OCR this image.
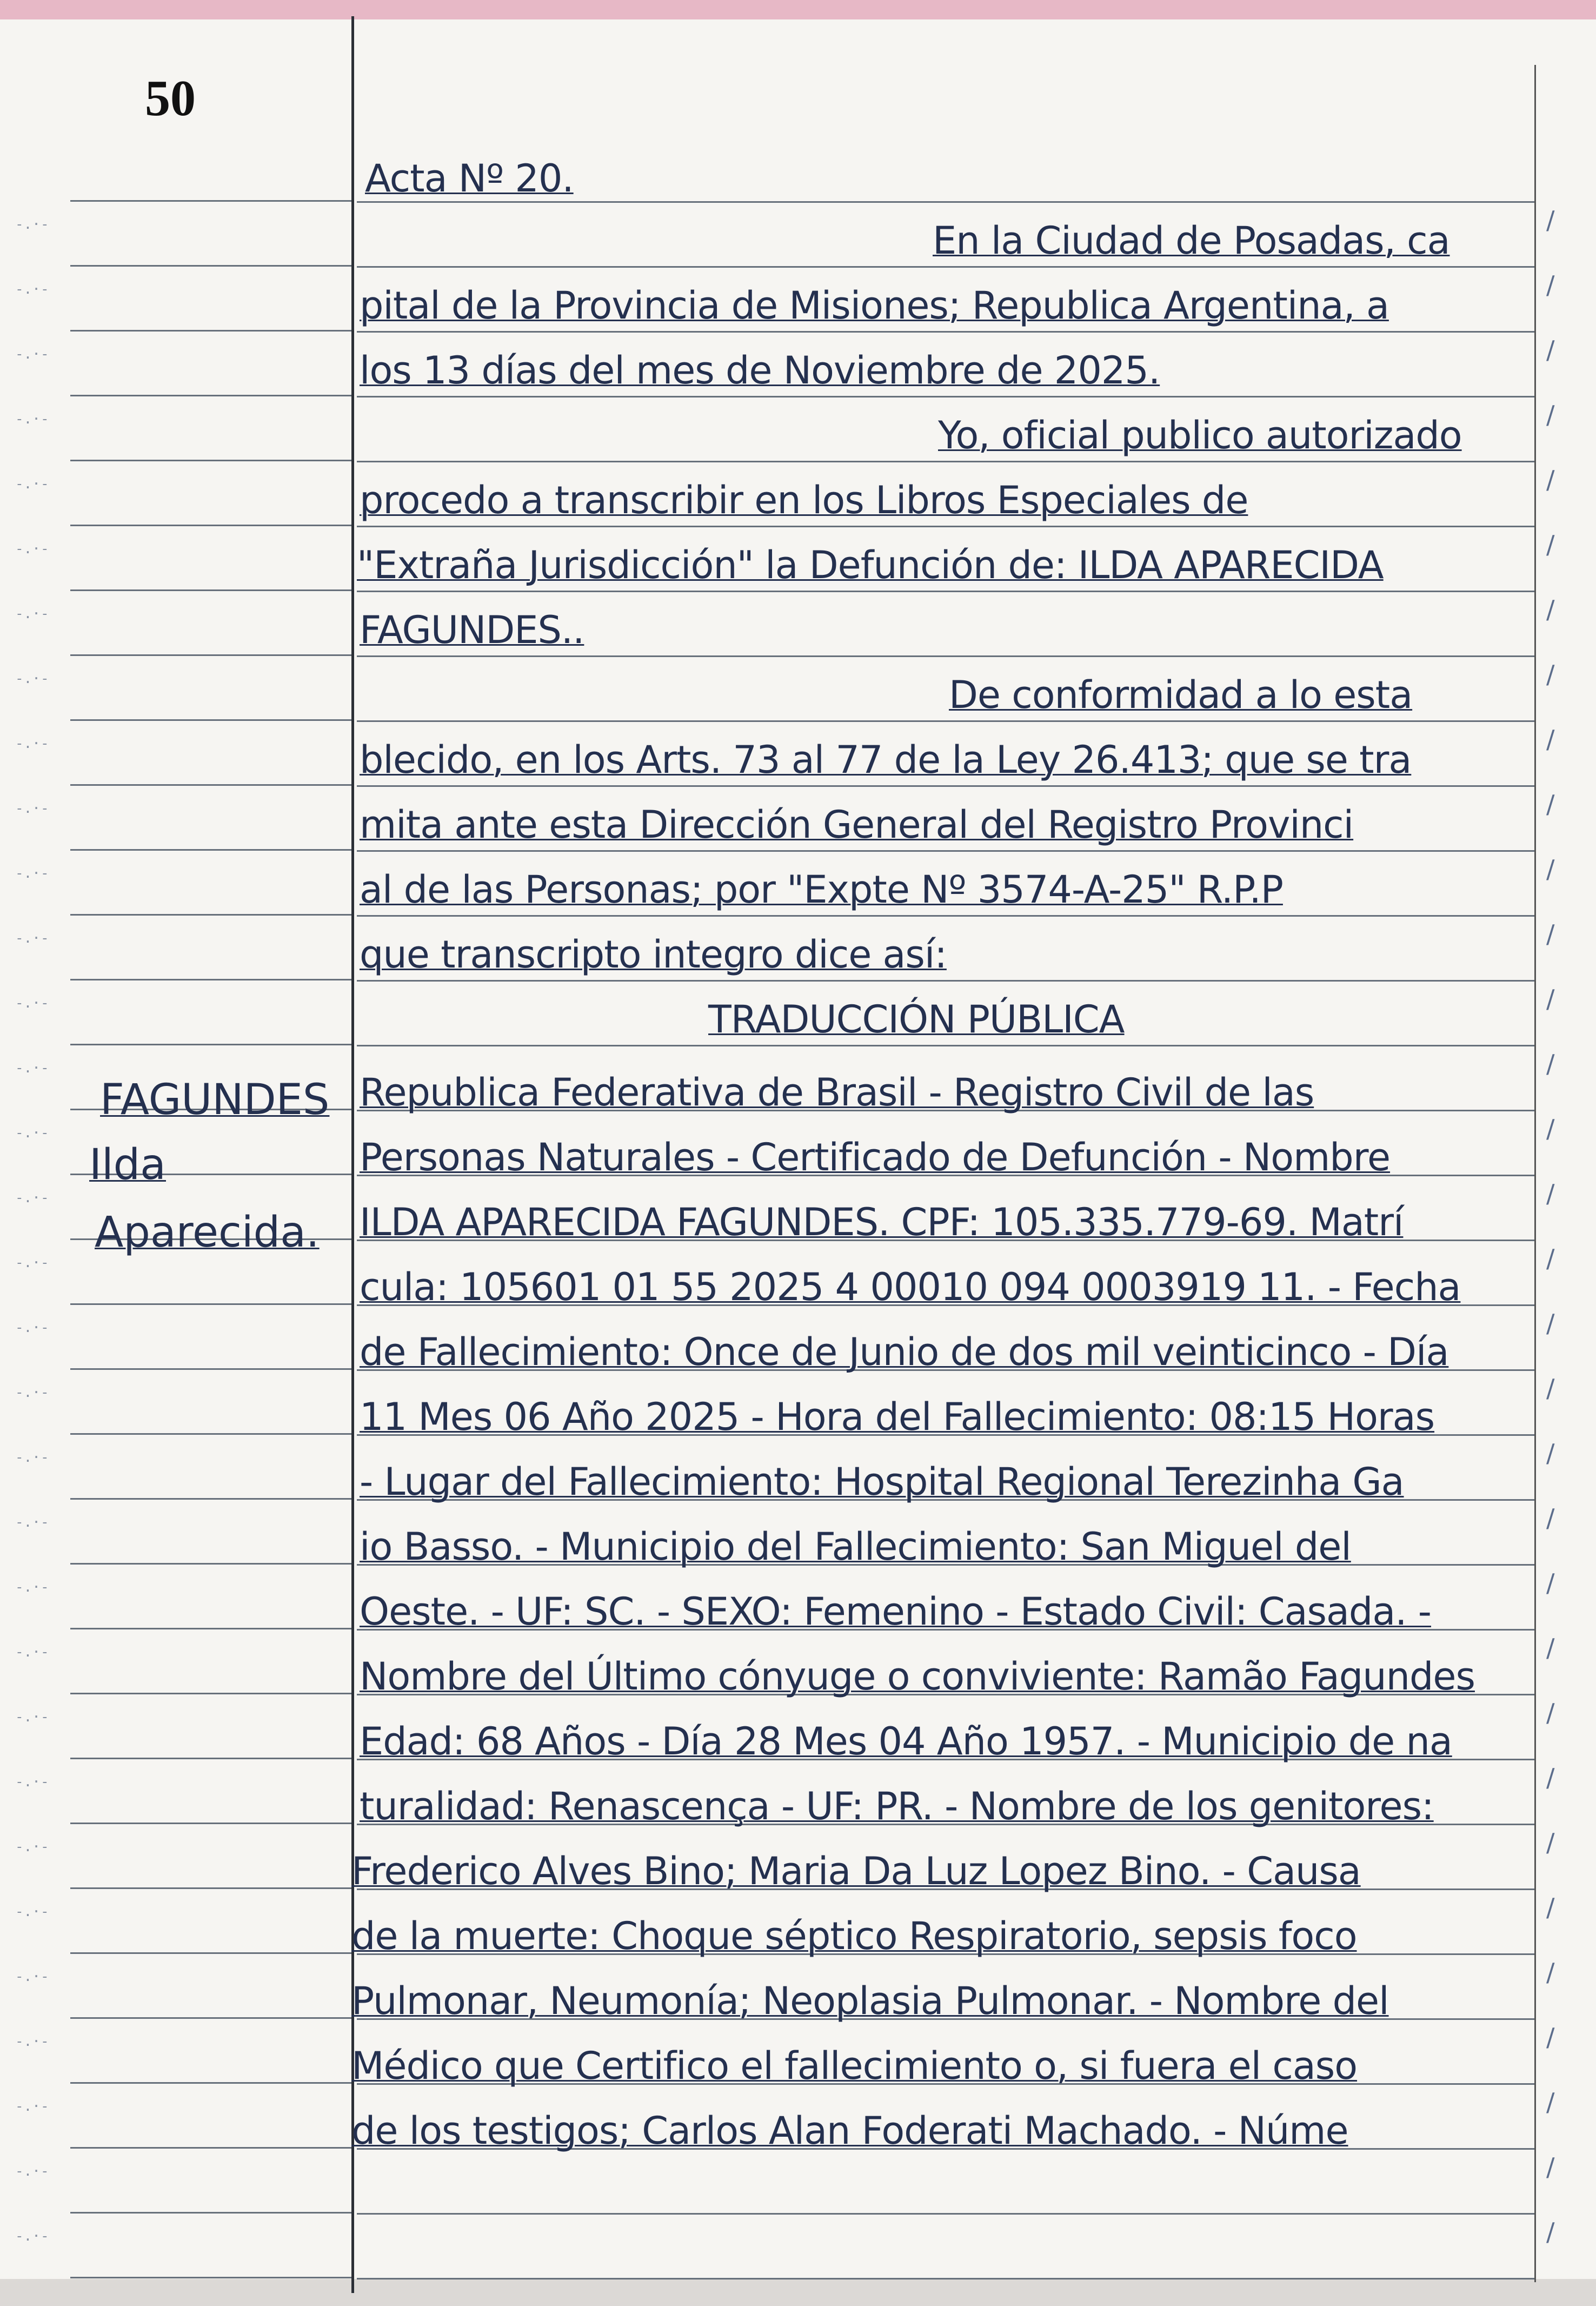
50
FAGUNDES
Ilda
Aparecida.
Acta Nº 20.
En la Ciudad de Posadas, ca
pital de la Provincia de Misiones; Republica Argentina, a
los 13 días del mes de Noviembre de 2025.
Yo, oficial publico autorizado
procedo a transcribir en los Libros Especiales de
"Extraña Jurisdicción" la Defunción de: ILDA APARECIDA
FAGUNDES..
De conformidad a lo esta
blecido, en los Arts. 73 al 77 de la Ley 26.413; que se tra
mita ante esta Dirección General del Registro Provinci
al de las Personas; por "Expte Nº 3574-A-25" R.P.P
que transcripto integro dice así:
TRADUCCIÓN PÚBLICA
Republica Federativa de Brasil - Registro Civil de las
Personas Naturales - Certificado de Defunción - Nombre
ILDA APARECIDA FAGUNDES. CPF: 105.335.779-69. Matrí
cula: 105601 01 55 2025 4 00010 094 0003919 11. - Fecha
de Fallecimiento: Once de Junio de dos mil veinticinco - Día
11 Mes 06 Año 2025 - Hora del Fallecimiento: 08:15 Horas
- Lugar del Fallecimiento: Hospital Regional Terezinha Ga
io Basso. - Municipio del Fallecimiento: San Miguel del
Oeste. - UF: SC. - SEXO: Femenino - Estado Civil: Casada. -
Nombre del Último cónyuge o conviviente: Ramão Fagundes
Edad: 68 Años - Día 28 Mes 04 Año 1957. - Municipio de na
turalidad: Renascença - UF: PR. - Nombre de los genitores:
Frederico Alves Bino; Maria Da Luz Lopez Bino. - Causa
de la muerte: Choque séptico Respiratorio, sepsis foco
Pulmonar, Neumonía; Neoplasia Pulmonar. - Nombre del
Médico que Certifico el fallecimiento o, si fuera el caso
de los testigos; Carlos Alan Foderati Machado. - Núme
-.·-	/
-.·-	/
-.·-	/
-.·-	/
-.·-	/
-.·-	/
-.·-	/
-.·-	/
-.·-	/
-.·-	/
-.·-	/
-.·-	/
-.·-	/
-.·-	/
-.·-	/
-.·-	/
-.·-	/
-.·-	/
-.·-	/
-.·-	/
-.·-	/
-.·-	/
-.·-	/
-.·-	/
-.·-	/
-.·-	/
-.·-	/
-.·-	/
-.·-	/
-.·-	/
-.·-	/
-.·-	/
